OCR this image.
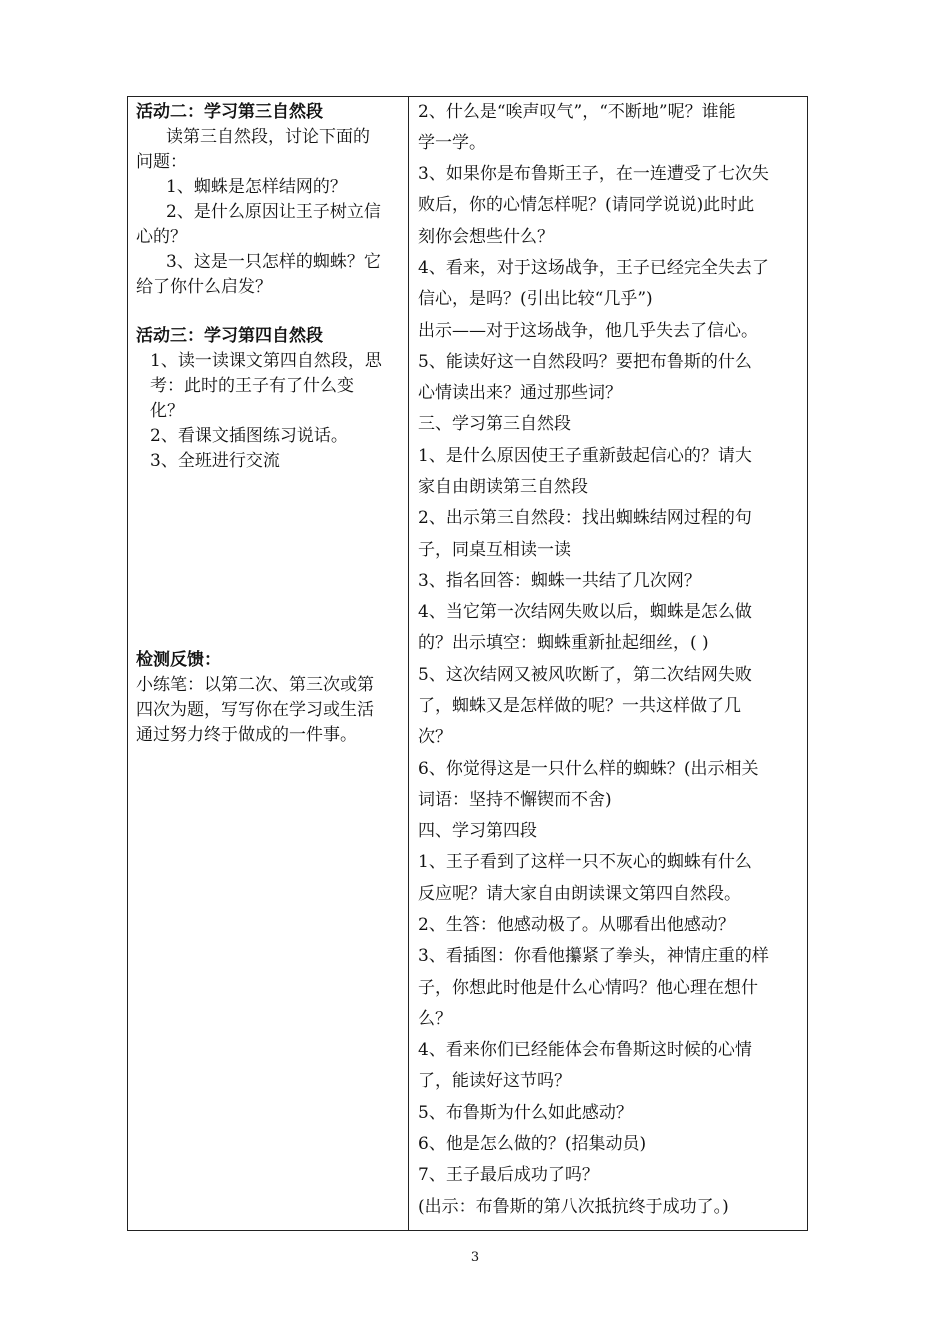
活动二：学习第三自然段
读第三自然段，讨论下面的
问题：
1、蜘蛛是怎样结网的？
2、是什么原因让王子树立信
心的？
3、这是一只怎样的蜘蛛？它
给了你什么启发？
活动三：学习第四自然段
1、读一读课文第四自然段，思
考：此时的王子有了什么变
化？
2、看课文插图练习说话。
3、全班进行交流
检测反馈：
小练笔：以第二次、第三次或第
四次为题，写写你在学习或生活
通过努力终于做成的一件事。
2、什么是“唉声叹气”，“不断地”呢？谁能
学一学。
3、如果你是布鲁斯王子，在一连遭受了七次失
败后，你的心情怎样呢？(请同学说说)此时此
刻你会想些什么？
4、看来，对于这场战争，王子已经完全失去了
信心，是吗？(引出比较“几乎”)
出示——对于这场战争，他几乎失去了信心。
5、能读好这一自然段吗？要把布鲁斯的什么
心情读出来？通过那些词？
三、学习第三自然段
1、是什么原因使王子重新鼓起信心的？请大
家自由朗读第三自然段
2、出示第三自然段：找出蜘蛛结网过程的句
子，同桌互相读一读
3、指名回答：蜘蛛一共结了几次网？
4、当它第一次结网失败以后，蜘蛛是怎么做
的？出示填空：蜘蛛重新扯起细丝，( )
5、这次结网又被风吹断了，第二次结网失败
了，蜘蛛又是怎样做的呢？一共这样做了几
次？
6、你觉得这是一只什么样的蜘蛛？(出示相关
词语：坚持不懈锲而不舍)
四、学习第四段
1、王子看到了这样一只不灰心的蜘蛛有什么
反应呢？请大家自由朗读课文第四自然段。
2、生答：他感动极了。从哪看出他感动？
3、看插图：你看他攥紧了拳头，神情庄重的样
子，你想此时他是什么心情吗？他心理在想什
么？
4、看来你们已经能体会布鲁斯这时候的心情
了，能读好这节吗？
5、布鲁斯为什么如此感动？
6、他是怎么做的？(招集动员)
7、王子最后成功了吗？
(出示：布鲁斯的第八次抵抗终于成功了。)
3
